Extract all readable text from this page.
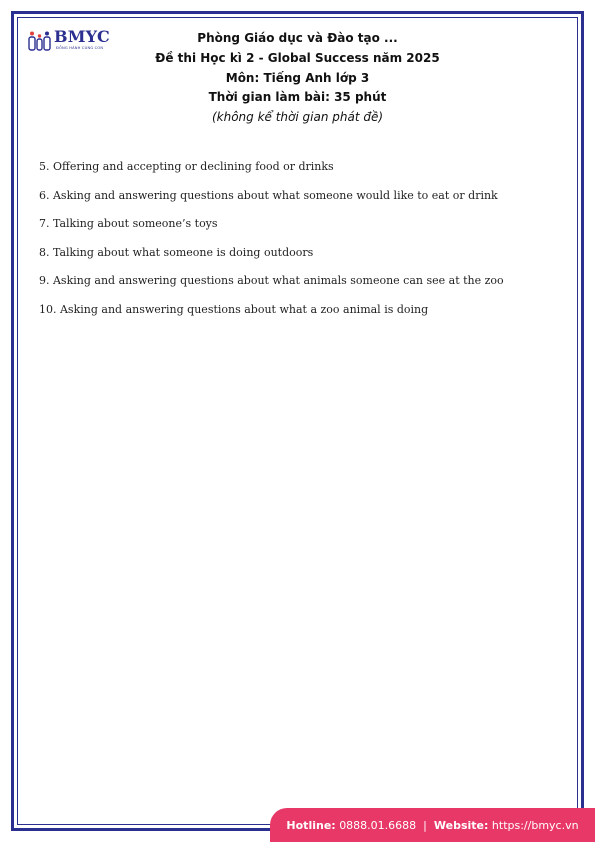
BMYC
ĐỒNG HÀNH CÙNG CON
Phòng Giáo dục và Đào tạo ...
Đề thi Học kì 2 - Global Success năm 2025
Môn: Tiếng Anh lớp 3
Thời gian làm bài: 35 phút
(không kể thời gian phát đề)
5. Offering and accepting or declining food or drinks
6. Asking and answering questions about what someone would like to eat or drink
7. Talking about someone’s toys
8. Talking about what someone is doing outdoors
9. Asking and answering questions about what animals someone can see at the zoo
10. Asking and answering questions about what a zoo animal is doing
Hotline:
0888.01.6688 | Website:
https://bmyc.vn
